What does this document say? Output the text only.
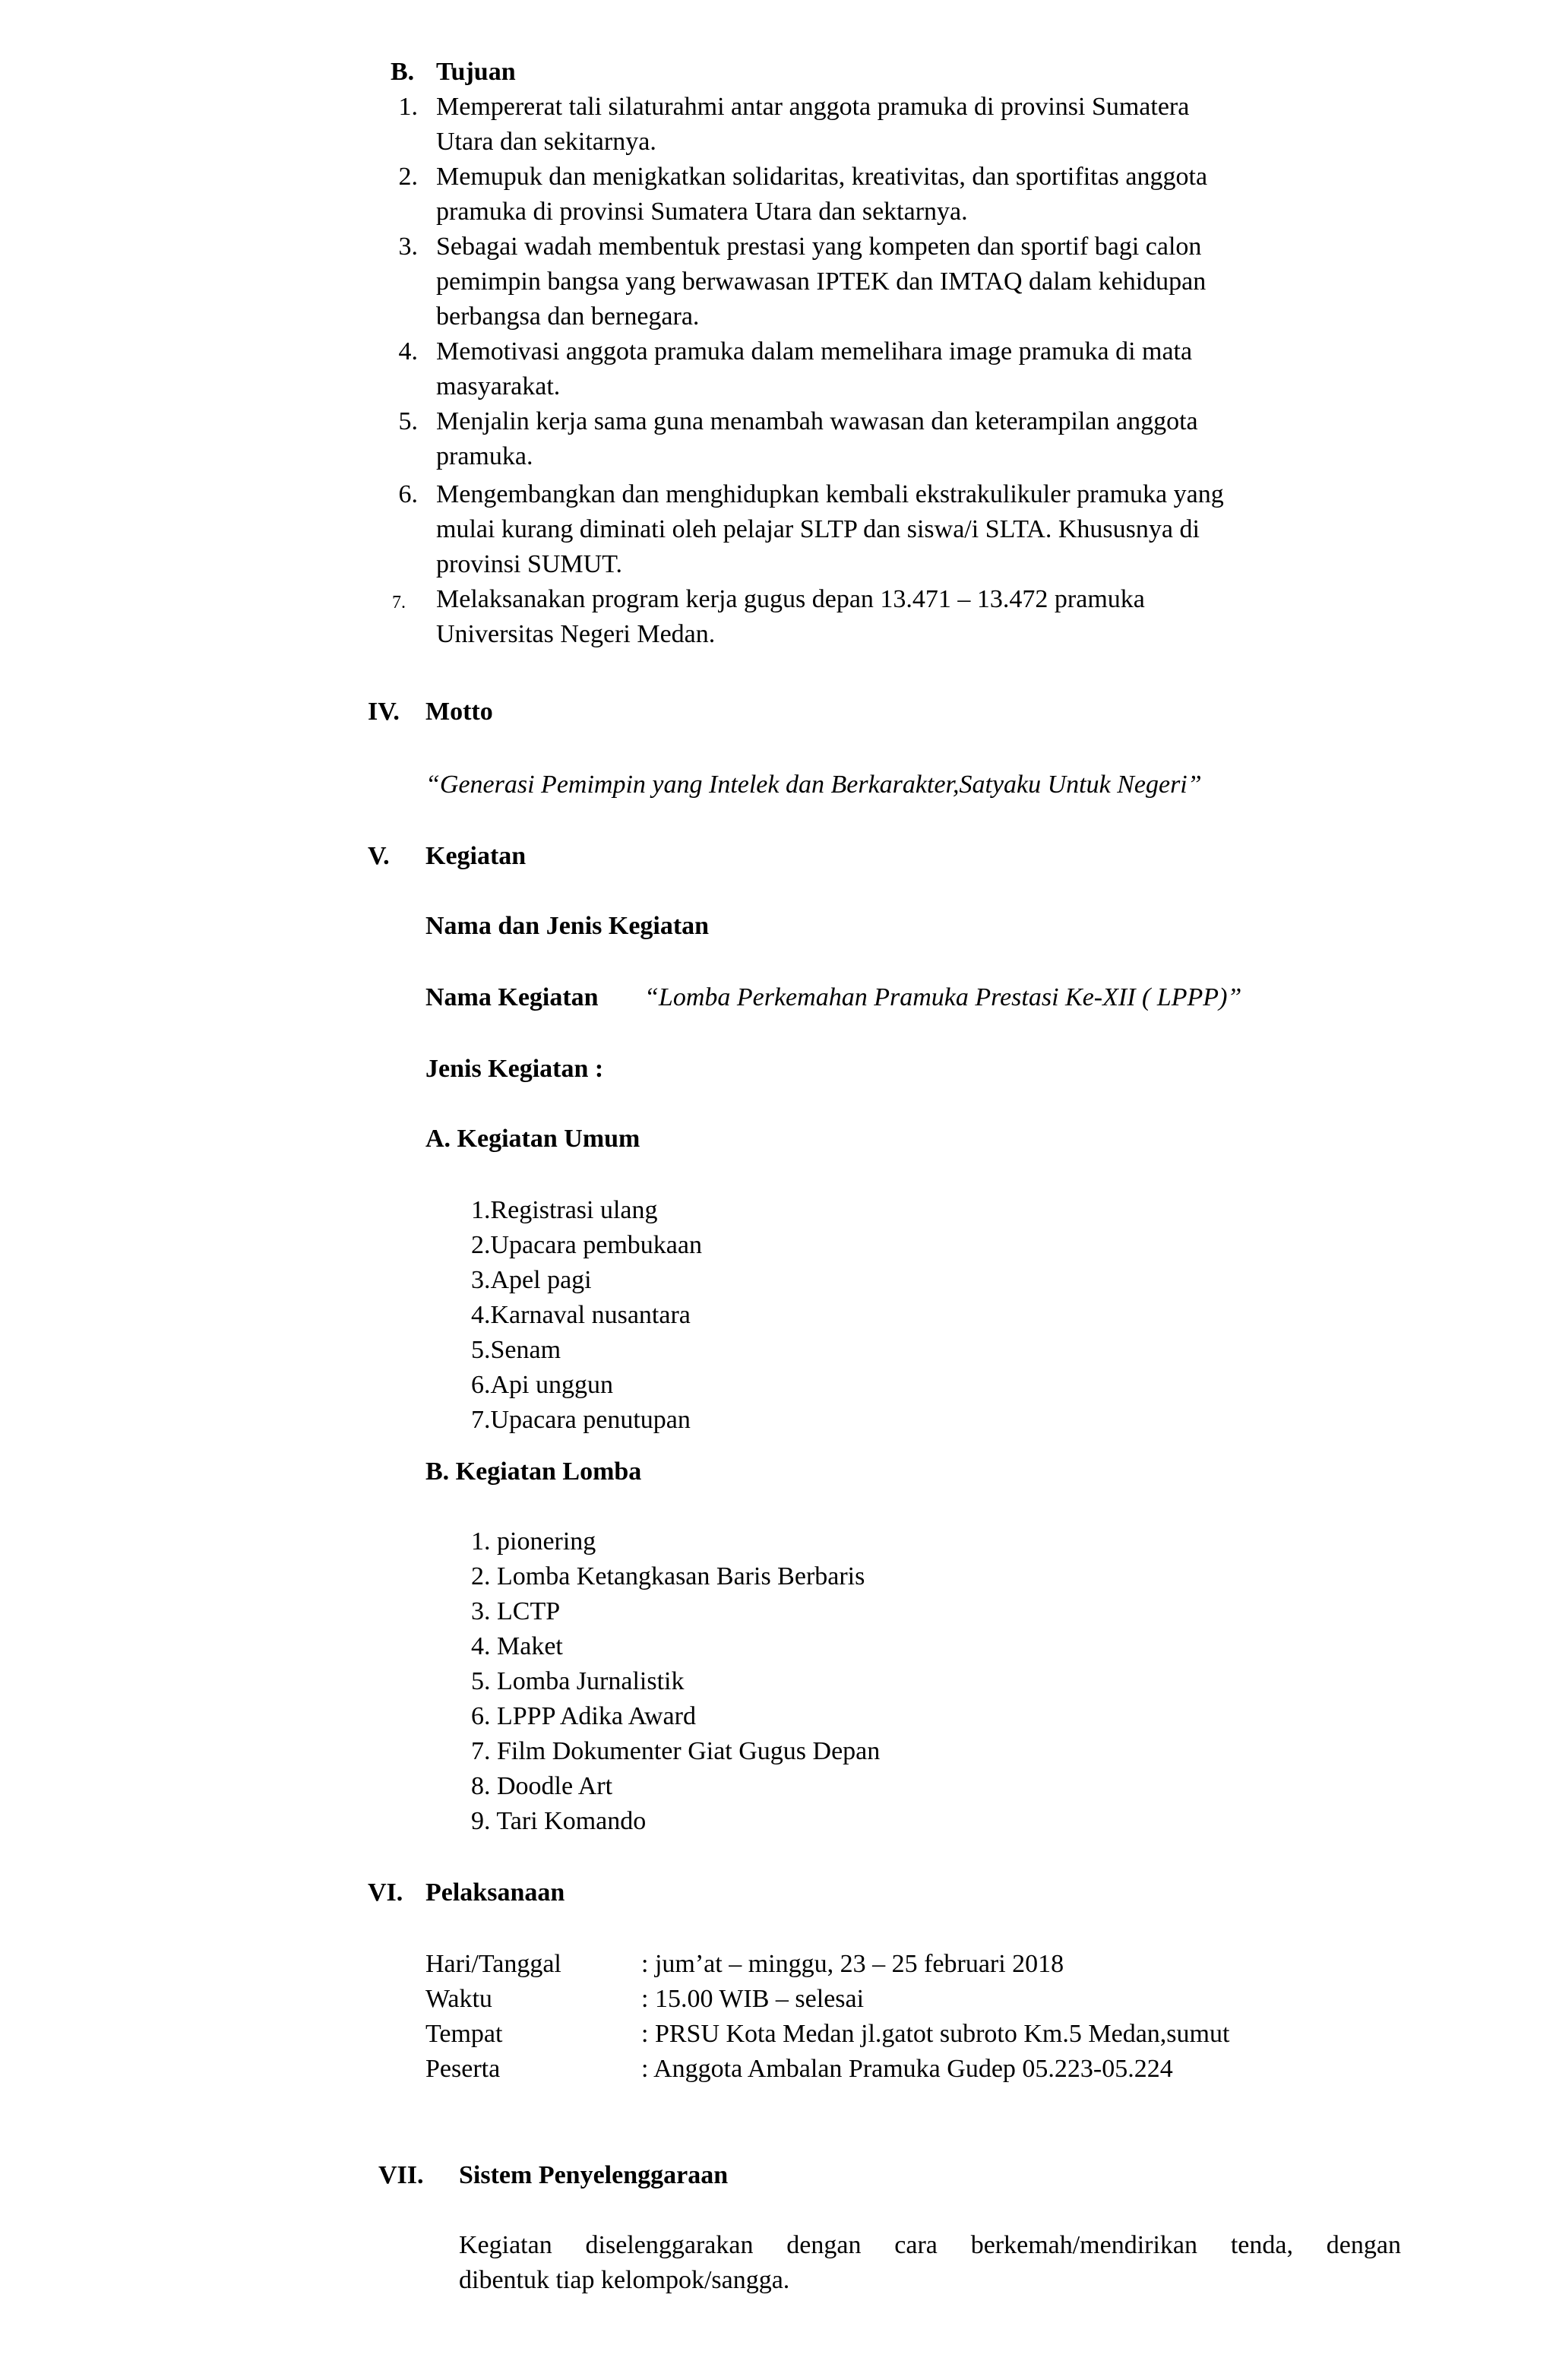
B. Tujuan
1. Mempererat tali silaturahmi antar anggota pramuka di provinsi Sumatera
Utara dan sekitarnya.
2. Memupuk dan menigkatkan solidaritas, kreativitas, dan sportifitas anggota
pramuka di provinsi Sumatera Utara dan sektarnya.
3. Sebagai wadah membentuk prestasi yang kompeten dan sportif bagi calon
pemimpin bangsa yang berwawasan IPTEK dan IMTAQ dalam kehidupan
berbangsa dan bernegara.
4. Memotivasi anggota pramuka dalam memelihara image pramuka di mata
masyarakat.
5. Menjalin kerja sama guna menambah wawasan dan keterampilan anggota
pramuka.
6. Mengembangkan dan menghidupkan kembali ekstrakulikuler pramuka yang
mulai kurang diminati oleh pelajar SLTP dan siswa/i SLTA. Khususnya di
provinsi SUMUT.
7. Melaksanakan program kerja gugus depan 13.471 – 13.472 pramuka
Universitas Negeri Medan.
IV. Motto
“Generasi Pemimpin yang Intelek dan Berkarakter,Satyaku Untuk Negeri”
V. Kegiatan
Nama dan Jenis Kegiatan
Nama Kegiatan “Lomba Perkemahan Pramuka Prestasi Ke-XII ( LPPP)”
Jenis Kegiatan :
A. Kegiatan Umum
1.Registrasi ulang
2.Upacara pembukaan
3.Apel pagi
4.Karnaval nusantara
5.Senam
6.Api unggun
7.Upacara penutupan
B. Kegiatan Lomba
1. pionering
2. Lomba Ketangkasan Baris Berbaris
3. LCTP
4. Maket
5. Lomba Jurnalistik
6. LPPP Adika Award
7. Film Dokumenter Giat Gugus Depan
8. Doodle Art
9. Tari Komando
VI. Pelaksanaan
Hari/Tanggal	: jum’at – minggu, 23 – 25 februari 2018
Waktu	: 15.00 WIB – selesai
Tempat	: PRSU Kota Medan jl.gatot subroto Km.5 Medan,sumut
Peserta	: Anggota Ambalan Pramuka Gudep 05.223-05.224
VII. Sistem Penyelenggaraan
Kegiatan diselenggarakan dengan cara berkemah/mendirikan tenda, dengan
dibentuk tiap kelompok/sangga.
